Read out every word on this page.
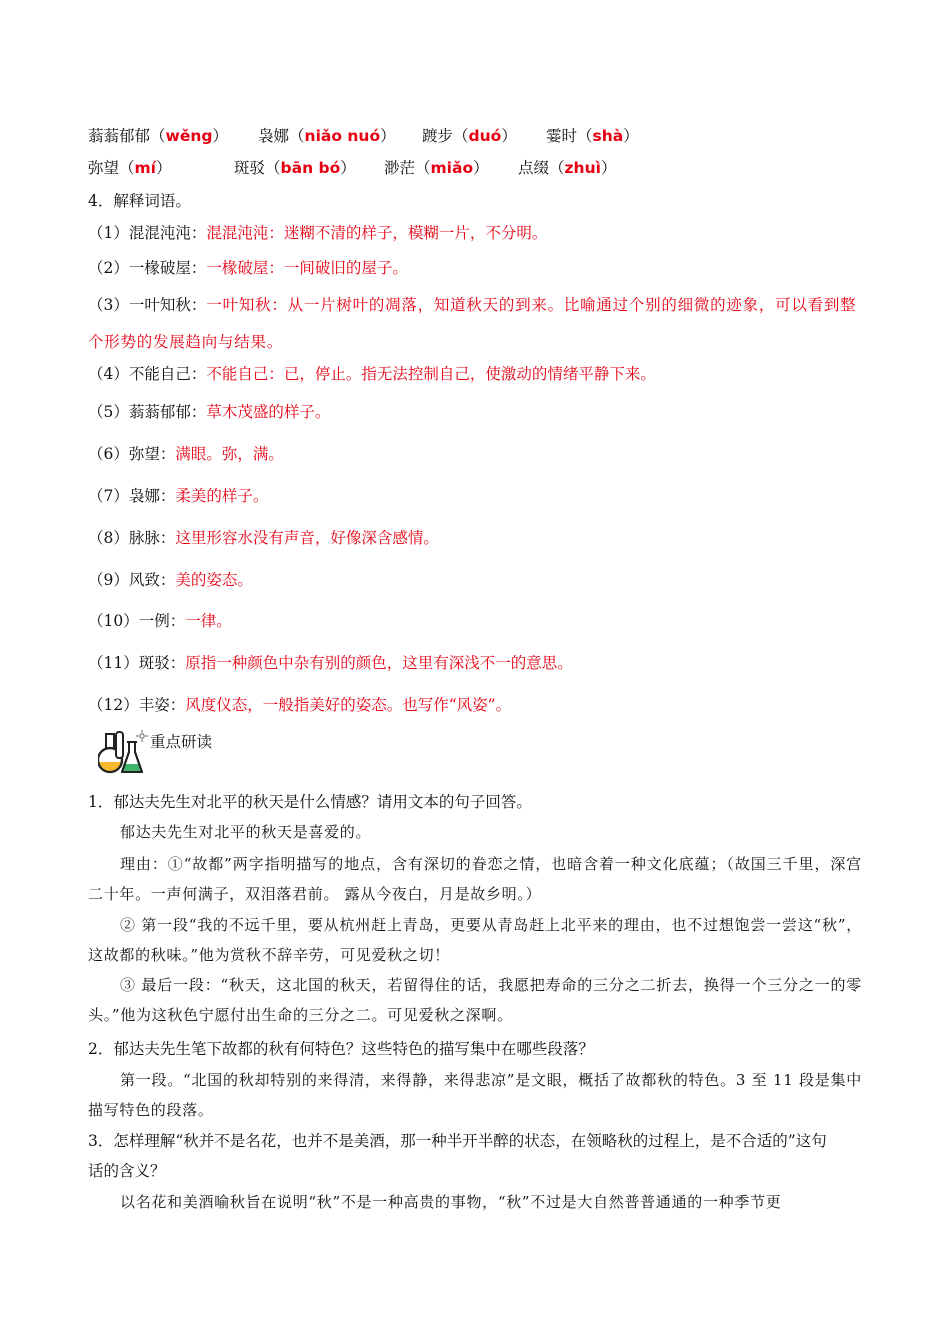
蓊蓊郁郁（wěng） 袅娜（niǎo nuó） 踱步（duó） 霎时（shà）
弥望（mí）	斑驳（bān bó） 渺茫（miǎo） 点缀（zhuì）
4．解释词语。
（1）混混沌沌：混混沌沌：迷糊不清的样子，模糊一片，不分明。
（2）一椽破屋：一椽破屋：一间破旧的屋子。
（3）一叶知秋：一叶知秋：从一片树叶的凋落，知道秋天的到来。比喻通过个别的细微的迹象，可以看到整个形势的发展趋向与结果。
（4）不能自己：不能自己：已，停止。指无法控制自己，使激动的情绪平静下来。
（5）蓊蓊郁郁：草木茂盛的样子。
（6）弥望：满眼。弥，满。
（7）袅娜：柔美的样子。
（8）脉脉：这里形容水没有声音，好像深含感情。
（9）风致：美的姿态。
（10）一例：一律。
（11）斑驳：原指一种颜色中杂有别的颜色，这里有深浅不一的意思。
（12）丰姿：风度仪态，一般指美好的姿态。也写作“风姿”。
重点研读
1．郁达夫先生对北平的秋天是什么情感？请用文本的句子回答。
郁达夫先生对北平的秋天是喜爱的。
理由：①“故都”两字指明描写的地点，含有深切的眷恋之情，也暗含着一种文化底蕴；（故国三千里，深宫二十年。一声何满子，双泪落君前。 露从今夜白，月是故乡明。）
② 第一段“我的不远千里，要从杭州赶上青岛，更要从青岛赶上北平来的理由，也不过想饱尝一尝这“秋”，这故都的秋味。”他为赏秋不辞辛劳，可见爱秋之切！
③ 最后一段：“秋天，这北国的秋天，若留得住的话，我愿把寿命的三分之二折去，换得一个三分之一的零头。”他为这秋色宁愿付出生命的三分之二。可见爱秋之深啊。
2．郁达夫先生笔下故都的秋有何特色？这些特色的描写集中在哪些段落？
第一段。“北国的秋却特别的来得清，来得静，来得悲凉”是文眼，概括了故都秋的特色。3 至 11 段是集中描写特色的段落。
3．怎样理解“秋并不是名花，也并不是美酒，那一种半开半醉的状态，在领略秋的过程上，是不合适的”这句话的含义？
以名花和美酒喻秋旨在说明“秋”不是一种高贵的事物，“秋”不过是大自然普普通通的一种季节更
